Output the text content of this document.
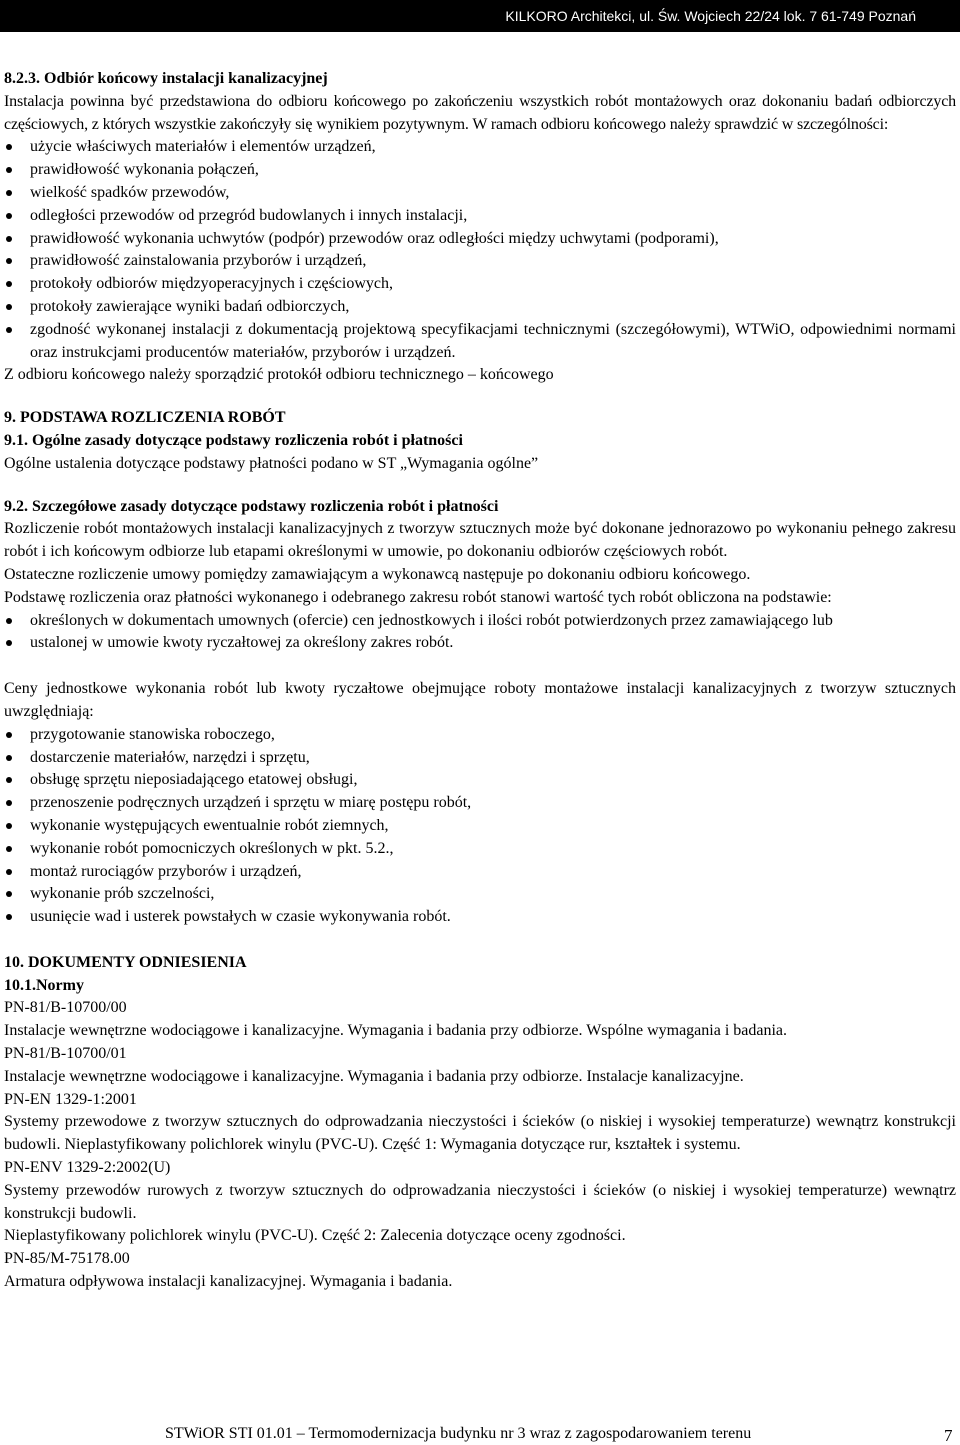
KILKORO Architekci, ul. Św. Wojciech 22/24 lok. 7 61-749 Poznań

8.2.3. Odbiór końcowy instalacji kanalizacyjnej

Instalacja powinna być przedstawiona do odbioru końcowego po zakończeniu wszystkich robót montażowych oraz dokonaniu badań odbiorczych częściowych, z których wszystkie zakończyły się wynikiem pozytywnym. W ramach odbioru końcowego należy sprawdzić w szczególności:

użycie właściwych materiałów i elementów urządzeń,
prawidłowość wykonania połączeń,
wielkość spadków przewodów,
odległości przewodów od przegród budowlanych i innych instalacji,
prawidłowość wykonania uchwytów (podpór) przewodów oraz odległości między uchwytami (podporami),
prawidłowość zainstalowania przyborów i urządzeń,
protokoły odbiorów międzyoperacyjnych i częściowych,
protokoły zawierające wyniki badań odbiorczych,
zgodność wykonanej instalacji z dokumentacją projektową specyfikacjami technicznymi (szczegółowymi), WTWiO, odpowiednimi normami oraz instrukcjami producentów materiałów, przyborów i urządzeń.

Z odbioru końcowego należy sporządzić protokół odbioru technicznego – końcowego

9. PODSTAWA ROZLICZENIA ROBÓT

9.1. Ogólne zasady dotyczące podstawy rozliczenia robót i płatności

Ogólne ustalenia dotyczące podstawy płatności podano w ST „Wymagania ogólne”

9.2. Szczegółowe zasady dotyczące podstawy rozliczenia robót i płatności

Rozliczenie robót montażowych instalacji kanalizacyjnych z tworzyw sztucznych może być dokonane jednorazowo po wykonaniu pełnego zakresu robót i ich końcowym odbiorze lub etapami określonymi w umowie, po dokonaniu odbiorów częściowych robót.

Ostateczne rozliczenie umowy pomiędzy zamawiającym a wykonawcą następuje po dokonaniu odbioru końcowego.

Podstawę rozliczenia oraz płatności wykonanego i odebranego zakresu robót stanowi wartość tych robót obliczona na podstawie:

określonych w dokumentach umownych (ofercie) cen jednostkowych i ilości robót potwierdzonych przez zamawiającego lub
ustalonej w umowie kwoty ryczałtowej za określony zakres robót.

Ceny jednostkowe wykonania robót lub kwoty ryczałtowe obejmujące roboty montażowe instalacji kanalizacyjnych z tworzyw sztucznych uwzględniają:

przygotowanie stanowiska roboczego,
dostarczenie materiałów, narzędzi i sprzętu,
obsługę sprzętu nieposiadającego etatowej obsługi,
przenoszenie podręcznych urządzeń i sprzętu w miarę postępu robót,
wykonanie występujących ewentualnie robót ziemnych,
wykonanie robót pomocniczych określonych w pkt. 5.2.,
montaż rurociągów przyborów i urządzeń,
wykonanie prób szczelności,
usunięcie wad i usterek powstałych w czasie wykonywania robót.

10. DOKUMENTY ODNIESIENIA

10.1.Normy

PN-81/B-10700/00

Instalacje wewnętrzne wodociągowe i kanalizacyjne. Wymagania i badania przy odbiorze. Wspólne wymagania i badania.

PN-81/B-10700/01

Instalacje wewnętrzne wodociągowe i kanalizacyjne. Wymagania i badania przy odbiorze. Instalacje kanalizacyjne.

PN-EN 1329-1:2001

Systemy przewodowe z tworzyw sztucznych do odprowadzania nieczystości i ścieków (o niskiej i wysokiej temperaturze) wewnątrz konstrukcji budowli. Nieplastyfikowany polichlorek winylu (PVC-U). Część 1: Wymagania dotyczące rur, kształtek i systemu.

PN-ENV 1329-2:2002(U)

Systemy przewodów rurowych z tworzyw sztucznych do odprowadzania nieczystości i ścieków (o niskiej i wysokiej temperaturze) wewnątrz konstrukcji budowli.

Nieplastyfikowany polichlorek winylu (PVC-U). Część 2: Zalecenia dotyczące oceny zgodności.

PN-85/M-75178.00

Armatura odpływowa instalacji kanalizacyjnej. Wymagania i badania.

STWiOR STI 01.01 – Termomodernizacja budynku nr 3 wraz z zagospodarowaniem terenu	7
